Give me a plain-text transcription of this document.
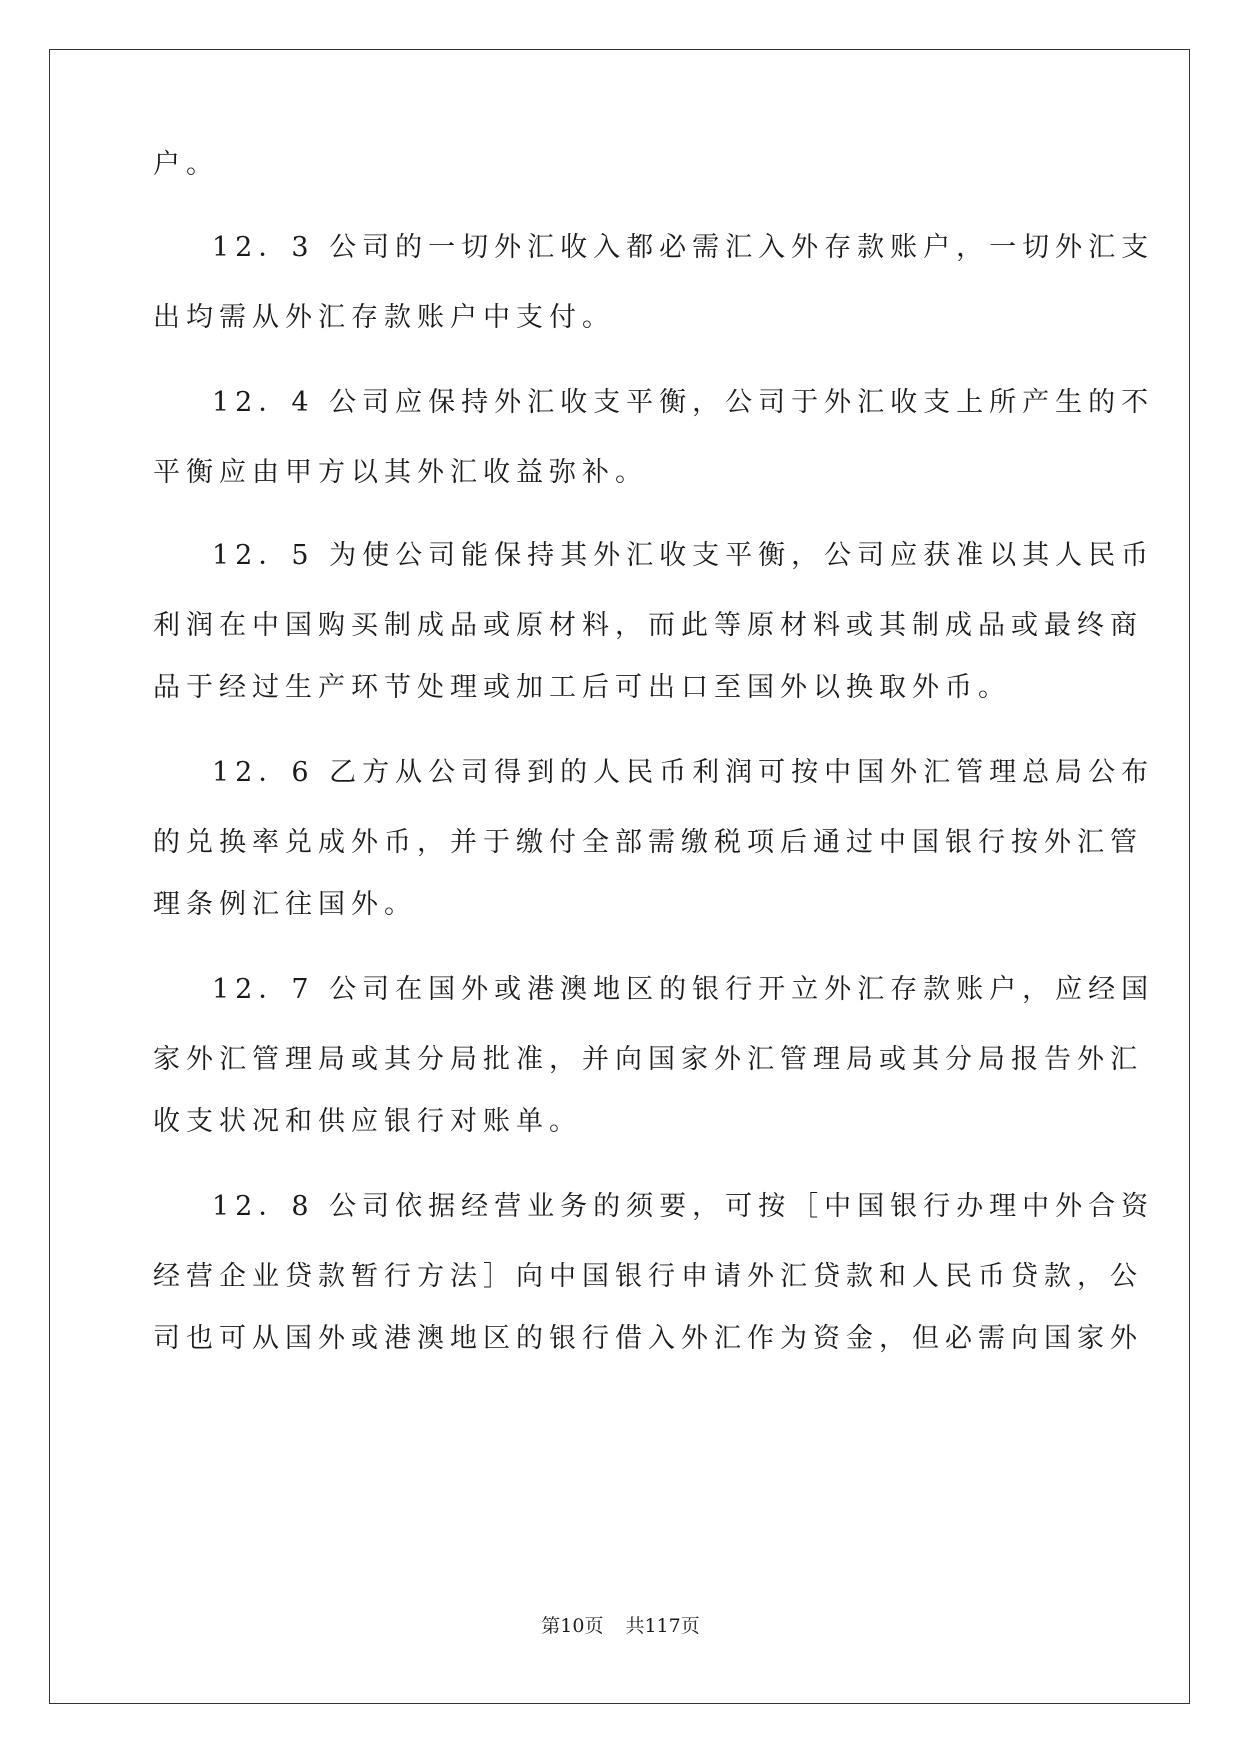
户。

12．3 公司的一切外汇收入都必需汇入外存款账户，一切外汇支

出均需从外汇存款账户中支付。

12．4 公司应保持外汇收支平衡，公司于外汇收支上所产生的不

平衡应由甲方以其外汇收益弥补。

12．5 为使公司能保持其外汇收支平衡，公司应获准以其人民币

利润在中国购买制成品或原材料，而此等原材料或其制成品或最终商

品于经过生产环节处理或加工后可出口至国外以换取外币。

12．6 乙方从公司得到的人民币利润可按中国外汇管理总局公布

的兑换率兑成外币，并于缴付全部需缴税项后通过中国银行按外汇管

理条例汇往国外。

12．7 公司在国外或港澳地区的银行开立外汇存款账户，应经国

家外汇管理局或其分局批准，并向国家外汇管理局或其分局报告外汇

收支状况和供应银行对账单。

12．8 公司依据经营业务的须要，可按［中国银行办理中外合资

经营企业贷款暂行方法］向中国银行申请外汇贷款和人民币贷款，公

司也可从国外或港澳地区的银行借入外汇作为资金，但必需向国家外

第10页 共117页
